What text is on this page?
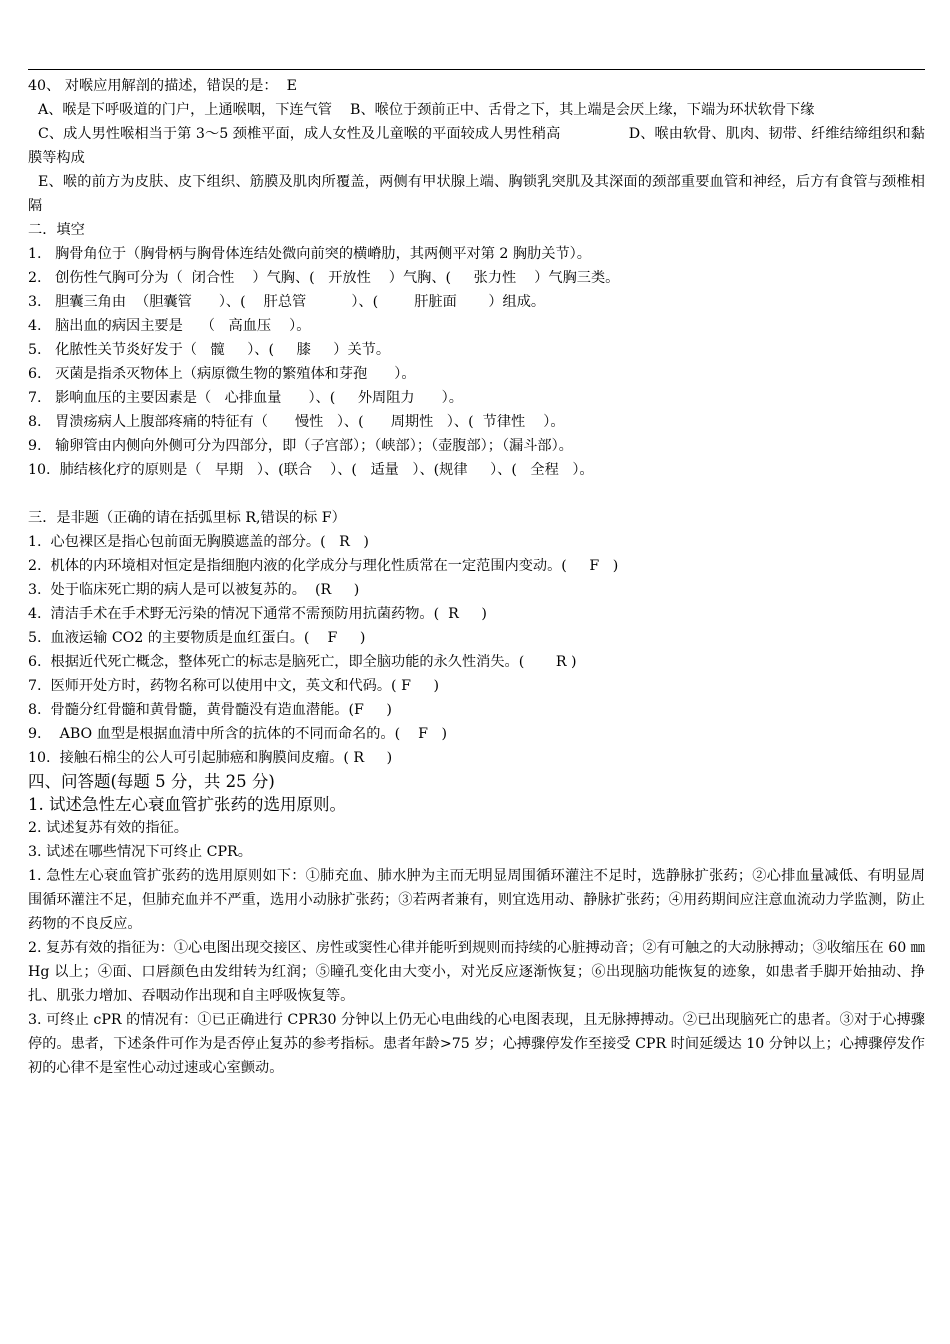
40、 对喉应用解剖的描述，错误的是：  E
A、喉是下呼吸道的门户，上通喉咽，下连气管    B、喉位于颈前正中、舌骨之下，其上端是会厌上缘，下端为环状软骨下缘
C、成人男性喉相当于第 3～5 颈椎平面，成人女性及儿童喉的平面较成人男性稍高               D、喉由软骨、肌肉、韧带、纤维结缔组织和黏膜等构成
E、喉的前方为皮肤、皮下组织、筋膜及肌肉所覆盖，两侧有甲状腺上端、胸锁乳突肌及其深面的颈部重要血管和神经，后方有食管与颈椎相隔
二．填空
1.   胸骨角位于（胸骨柄与胸骨体连结处微向前突的横嵴肋，其两侧平对第 2 胸肋关节）。
2.   创伤性气胸可分为（  闭合性    ）气胸、(   开放性    ）气胸、(     张力性    ）气胸三类。
3.   胆囊三角由  （胆囊管      ）、(    肝总管          ）、(        肝脏面       ）组成。
4.   脑出血的病因主要是    （   高血压    ）。
5.   化脓性关节炎好发于（   髋     ）、(     膝     ）关节。
6.   灭菌是指杀灭物体上（病原微生物的繁殖体和芽孢      ）。
7.   影响血压的主要因素是（   心排血量      ）、(     外周阻力      ）。
8.   胃溃疡病人上腹部疼痛的特征有（      慢性   ）、(      周期性   ）、(  节律性    ）。
9.   输卵管由内侧向外侧可分为四部分，即（子宫部）；（峡部）；（壶腹部）；（漏斗部）。
10.  肺结核化疗的原则是（   早期   ）、(联合    ）、(   适量   ）、(规律     ）、(   全程   ）。
三．是非题（正确的请在括弧里标 R,错误的标 F）
1.  心包裸区是指心包前面无胸膜遮盖的部分。(   R   )
2.  机体的内环境相对恒定是指细胞内液的化学成分与理化性质常在一定范围内变动。(     F   )
3.  处于临床死亡期的病人是可以被复苏的。  (R     )
4.  清洁手术在手术野无污染的情况下通常不需预防用抗菌药物。(  R     )
5.  血液运输 CO2 的主要物质是血红蛋白。(    F     )
6.  根据近代死亡概念，整体死亡的标志是脑死亡，即全脑功能的永久性消失。(       R )
7.  医师开处方时，药物名称可以使用中文，英文和代码。( F     )
8.  骨髓分红骨髓和黄骨髓，黄骨髓没有造血潜能。(F     )
9.    ABO 血型是根据血清中所含的抗体的不同而命名的。(    F   )
10.  接触石棉尘的公人可引起肺癌和胸膜间皮瘤。( R     )
四、问答题(每题 5 分，共 25 分)
1. 试述急性左心衰血管扩张药的选用原则。
2. 试述复苏有效的指征。
3. 试述在哪些情况下可终止 CPR。
1. 急性左心衰血管扩张药的选用原则如下：①肺充血、肺水肿为主而无明显周围循环灌注不足时，选静脉扩张药；②心排血量减低、有明显周围循环灌注不足，但肺充血并不严重，选用小动脉扩张药；③若两者兼有，则宜选用动、静脉扩张药；④用药期间应注意血流动力学监测，防止药物的不良反应。
2. 复苏有效的指征为：①心电图出现交接区、房性或窦性心律并能听到规则而持续的心脏搏动音；②有可触之的大动脉搏动；③收缩压在 60 ㎜ Hg 以上；④面、口唇颜色由发绀转为红润；⑤瞳孔变化由大变小，对光反应逐渐恢复；⑥出现脑功能恢复的迹象，如患者手脚开始抽动、挣扎、肌张力增加、吞咽动作出现和自主呼吸恢复等。
3. 可终止 cPR 的情况有：①已正确进行 CPR30 分钟以上仍无心电曲线的心电图表现，且无脉搏搏动。②已出现脑死亡的患者。③对于心搏骤停的。患者，下述条件可作为是否停止复苏的参考指标。患者年龄>75 岁；心搏骤停发作至接受 CPR 时间延缓达 10 分钟以上；心搏骤停发作初的心律不是室性心动过速或心室颤动。
